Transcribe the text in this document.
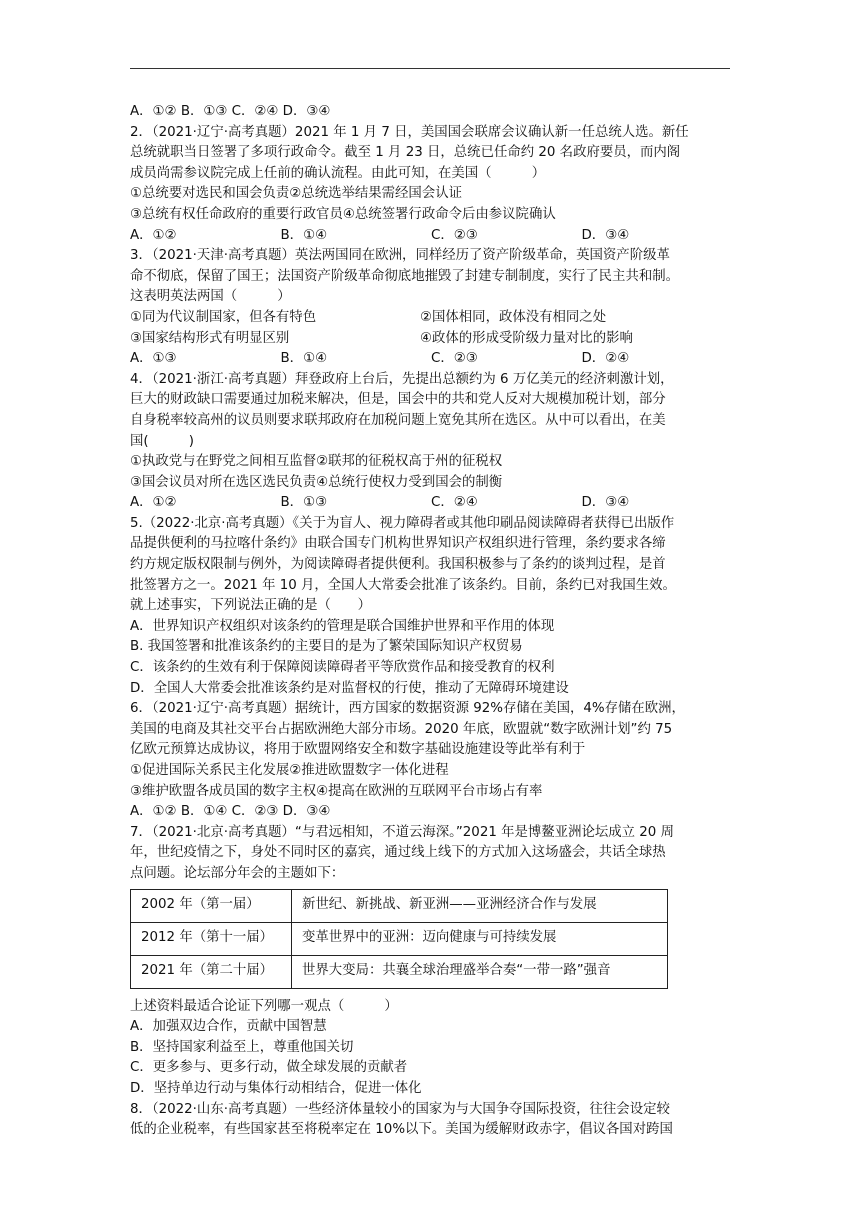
A．①② B．①③ C．②④ D．③④
2．（2021·辽宁·高考真题）2021 年 1 月 7 日，美国国会联席会议确认新一任总统人选。新任
总统就职当日签署了多项行政命令。截至 1 月 23 日，总统已任命约 20 名政府要员，而内阁
成员尚需参议院完成上任前的确认流程。由此可知，在美国（　　　）
①总统要对选民和国会负责②总统选举结果需经国会认证
③总统有权任命政府的重要行政官员④总统签署行政命令后由参议院确认
A．①②	B．①④	C．②③	D．③④
3．（2021·天津·高考真题）英法两国同在欧洲，同样经历了资产阶级革命，英国资产阶级革
命不彻底，保留了国王；法国资产阶级革命彻底地摧毁了封建专制制度，实行了民主共和制。
这表明英法两国（　　　）
①同为代议制国家，但各有特色	②国体相同，政体没有相同之处
③国家结构形式有明显区别	④政体的形成受阶级力量对比的影响
A．①③	B．①④	C．②③	D．②④
4．（2021·浙江·高考真题）拜登政府上台后，先提出总额约为 6 万亿美元的经济刺激计划，
巨大的财政缺口需要通过加税来解决，但是，国会中的共和党人反对大规模加税计划，部分
自身税率较高州的议员则要求联邦政府在加税问题上宽免其所在选区。从中可以看出，在美
国(　　　)
①执政党与在野党之间相互监督②联邦的征税权高于州的征税权
③国会议员对所在选区选民负责④总统行使权力受到国会的制衡
A．①②	B．①③	C．②④	D．③④
5.（2022·北京·高考真题）《关于为盲人、视力障碍者或其他印刷品阅读障碍者获得已出版作
品提供便利的马拉喀什条约》由联合国专门机构世界知识产权组织进行管理，条约要求各缔
约方规定版权限制与例外，为阅读障碍者提供便利。我国积极参与了条约的谈判过程，是首
批签署方之一。2021 年 10 月，全国人大常委会批准了该条约。目前，条约已对我国生效。
就上述事实，下列说法正确的是（　　）
A．世界知识产权组织对该条约的管理是联合国维护世界和平作用的体现
B. 我国签署和批准该条约的主要目的是为了繁荣国际知识产权贸易
C．该条约的生效有利于保障阅读障碍者平等欣赏作品和接受教育的权利
D．全国人大常委会批准该条约是对监督权的行使，推动了无障碍环境建设
6．（2021·辽宁·高考真题）据统计，西方国家的数据资源 92%存储在美国，4%存储在欧洲，
美国的电商及其社交平台占据欧洲绝大部分市场。2020 年底，欧盟就“数字欧洲计划”约 75
亿欧元预算达成协议，将用于欧盟网络安全和数字基础设施建设等此举有利于
①促进国际关系民主化发展②推进欧盟数字一体化进程
③维护欧盟各成员国的数字主权④提高在欧洲的互联网平台市场占有率
A．①② B．①④ C．②③ D．③④
7．（2021·北京·高考真题）“与君远相知，不道云海深。”2021 年是博鳌亚洲论坛成立 20 周
年，世纪疫情之下，身处不同时区的嘉宾，通过线上线下的方式加入这场盛会，共话全球热
点问题。论坛部分年会的主题如下：
2002 年（第一届）	新世纪、新挑战、新亚洲——亚洲经济合作与发展
2012 年（第十一届）	变革世界中的亚洲：迈向健康与可持续发展
2021 年（第二十届）	世界大变局：共襄全球治理盛举合奏“一带一路”强音
上述资料最适合论证下列哪一观点（　　　）
A．加强双边合作，贡献中国智慧
B．坚持国家利益至上，尊重他国关切
C．更多参与、更多行动，做全球发展的贡献者
D．坚持单边行动与集体行动相结合，促进一体化
8．（2022·山东·高考真题）一些经济体量较小的国家为与大国争夺国际投资，往往会设定较
低的企业税率，有些国家甚至将税率定在 10%以下。美国为缓解财政赤字，倡议各国对跨国
